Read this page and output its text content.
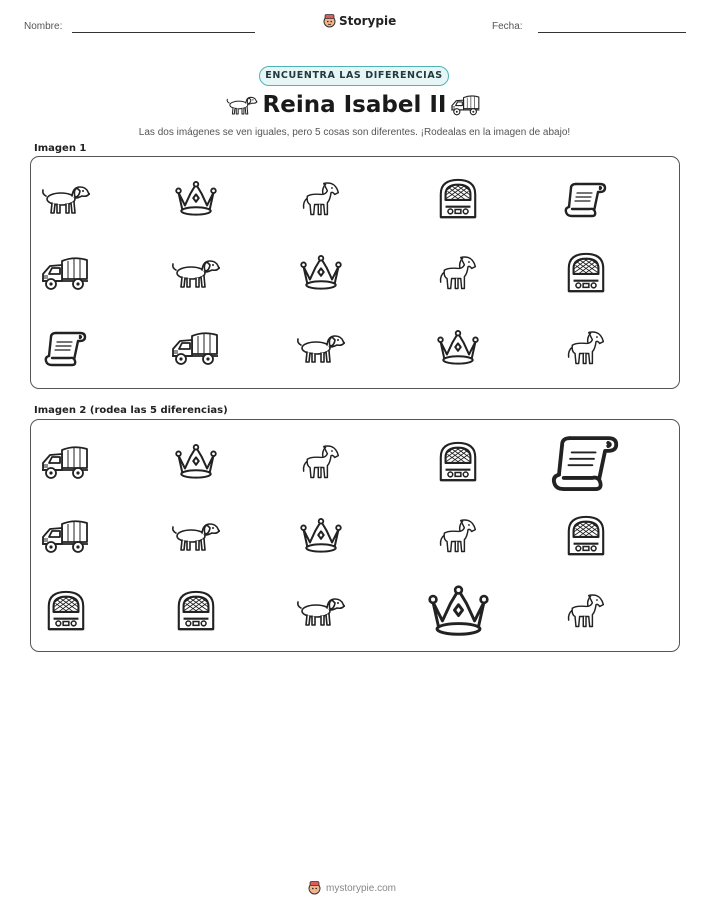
Nombre:	Storypie	Fecha:
ENCUENTRA LAS DIFERENCIAS
Reina Isabel II
Las dos imágenes se ven iguales, pero 5 cosas son diferentes. ¡Rodealas en la imagen de abajo!
Imagen 1
Imagen 2 (rodea las 5 diferencias)
mystorypie.com
